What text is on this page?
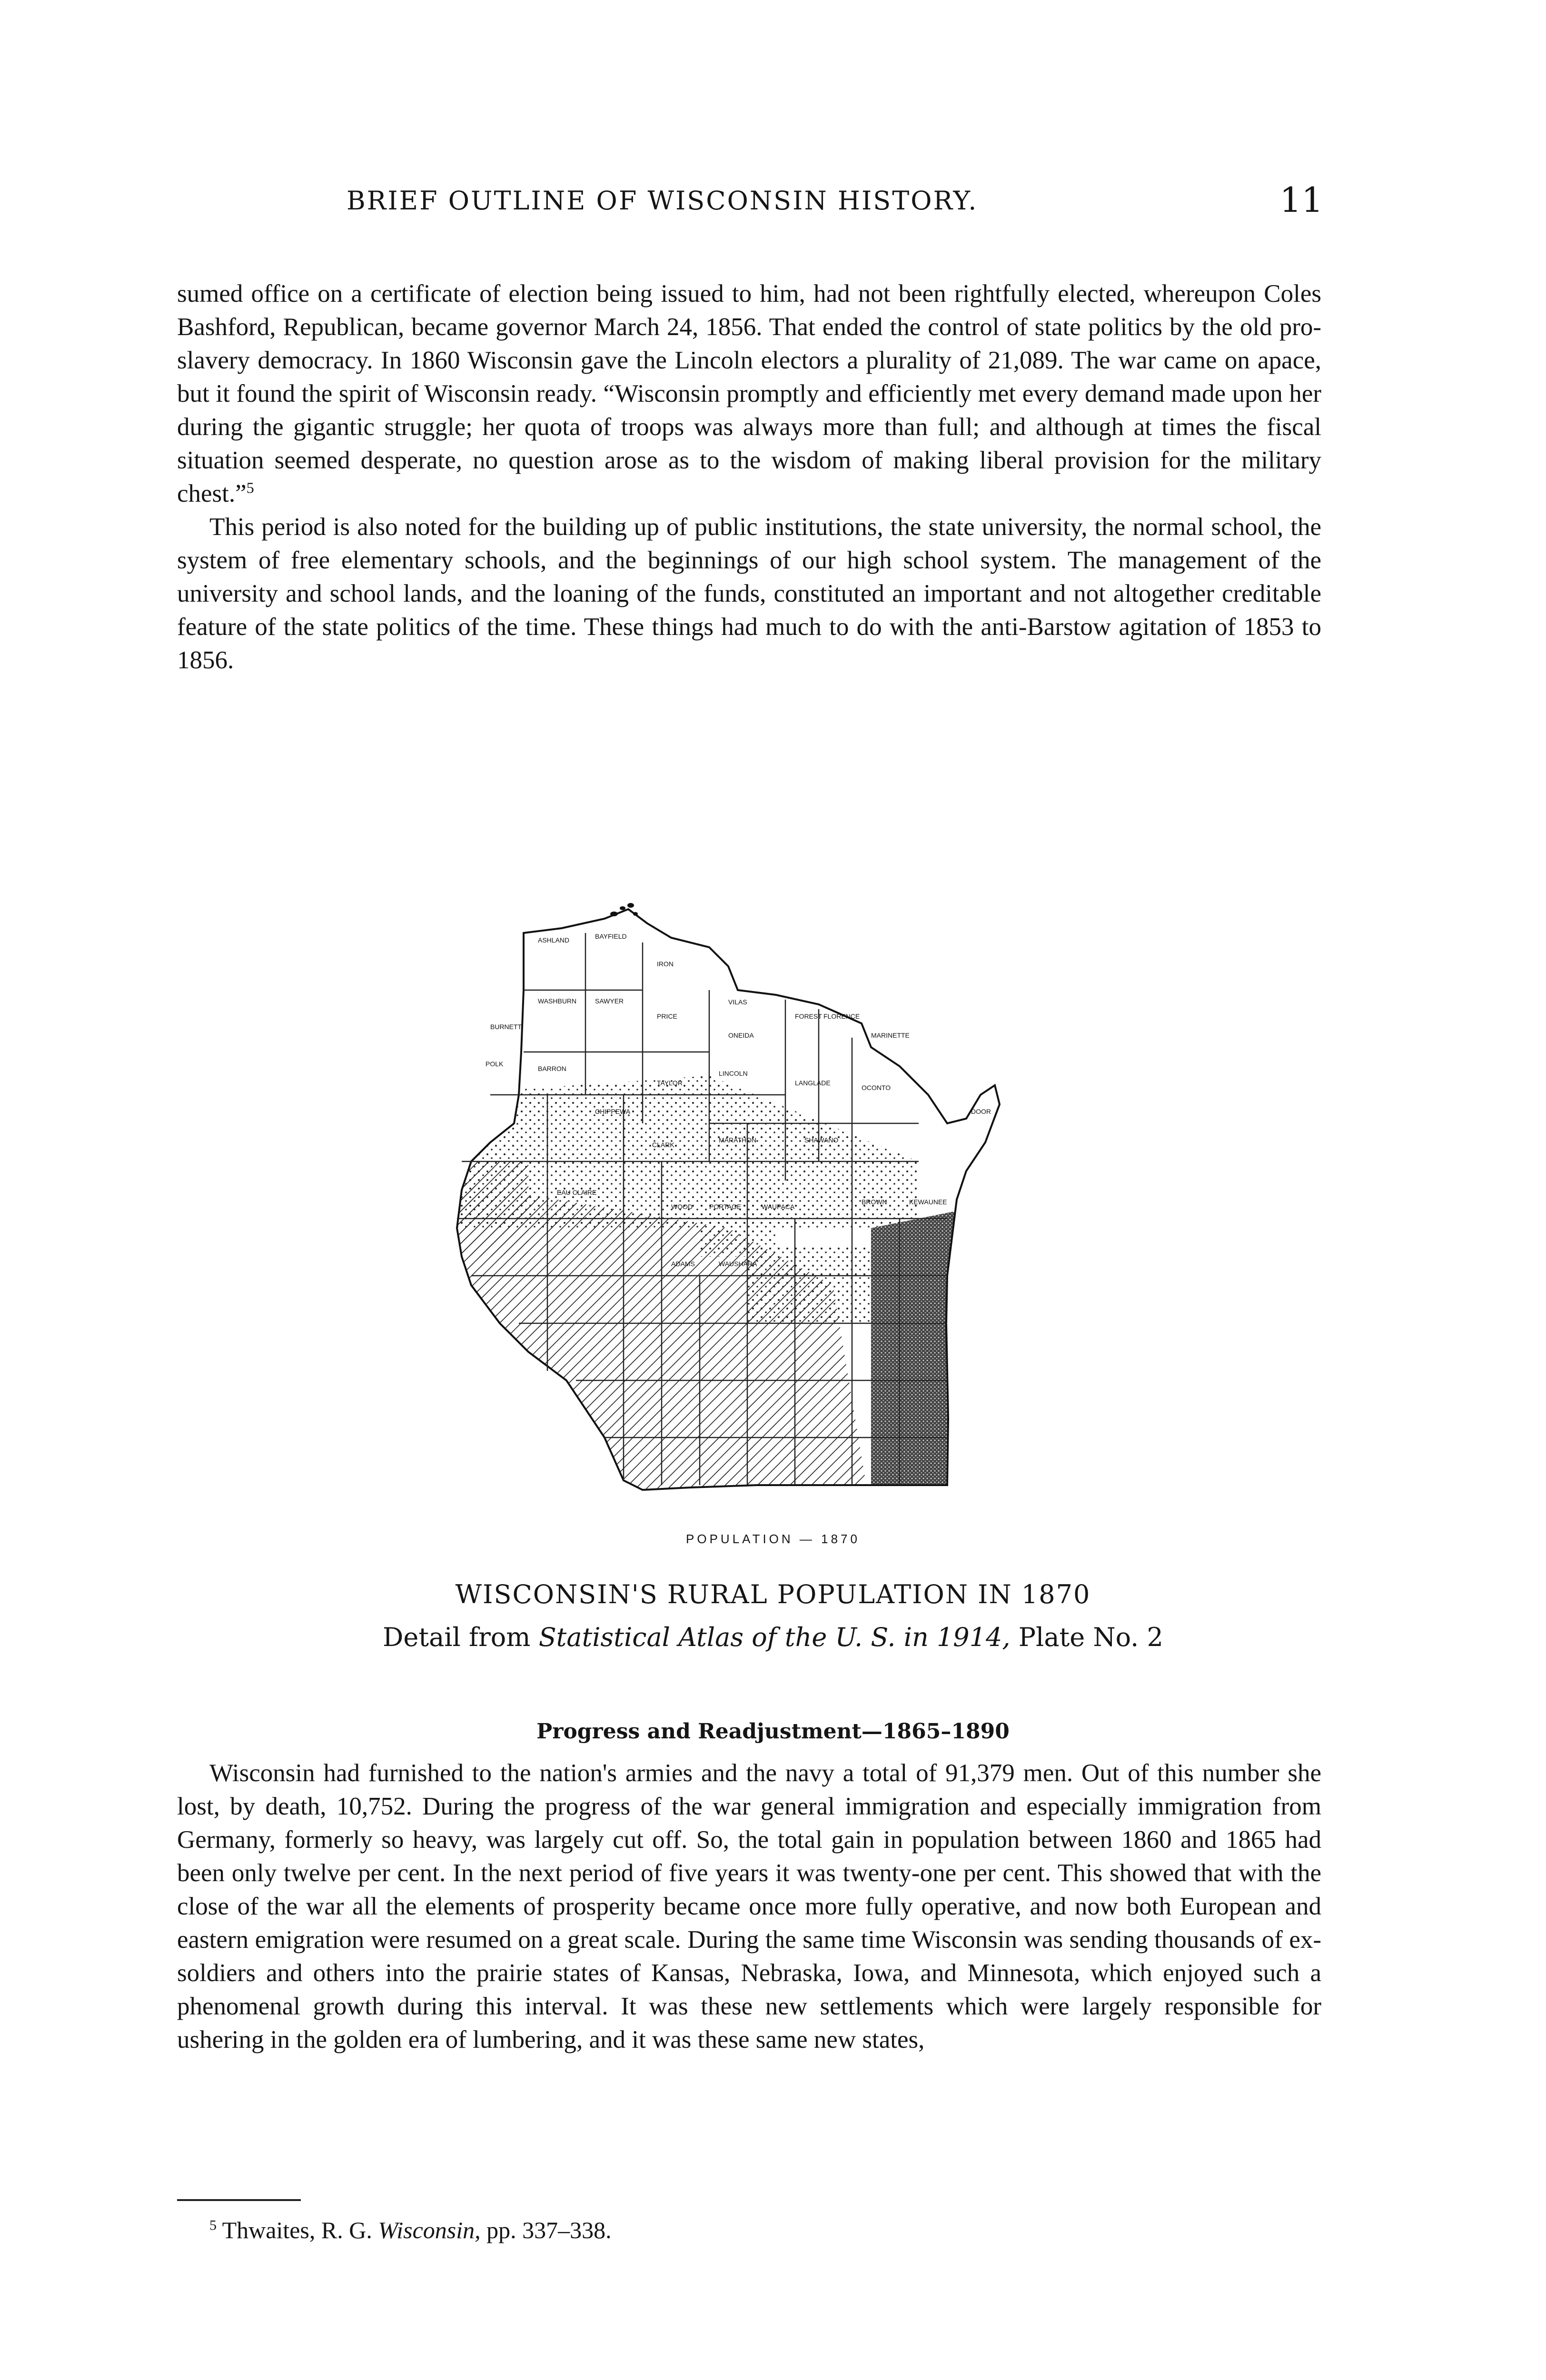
BRIEF OUTLINE OF WISCONSIN HISTORY.	11

sumed office on a certificate of election being issued to him, had not been rightfully elected, whereupon Coles Bashford, Republican, became governor March 24, 1856. That ended the control of state politics by the old pro-slavery democracy. In 1860 Wisconsin gave the Lincoln electors a plurality of 21,089. The war came on apace, but it found the spirit of Wisconsin ready. “Wisconsin promptly and efficiently met every demand made upon her during the gigantic struggle; her quota of troops was always more than full; and although at times the fiscal situation seemed desperate, no question arose as to the wisdom of making liberal provision for the military chest.”$^5$

This period is also noted for the building up of public institutions, the state university, the normal school, the system of free elementary schools, and the beginnings of our high school system. The management of the university and school lands, and the loaning of the funds, constituted an important and not altogether creditable feature of the state politics of the time. These things had much to do with the anti-Barstow agitation of 1853 to 1856.

ASHLAND	BAYFIELD
IRON
VILAS
FOREST FLORENCE
BURNETT
WASHBURN	SAWYER
PRICE
ONEIDA
POLK
BARRON
TAYLOR
LINCOLN
LANGLADE
OCONTO
MARINETTE
CHIPPEWA
CLARK
MARATHON	SHAWANO
EAU CLAIRE
WOOD PORTAGE	WAUPACA
BROWN	KEWAUNEE
ADAMS	WAUSHARA
DOOR
POPULATION — 1870
WISCONSIN'S RURAL POPULATION IN 1870
Detail from Statistical Atlas of the U. S. in 1914, Plate No. 2
Progress and Readjustment—1865–1890

Wisconsin had furnished to the nation's armies and the navy a total of 91,379 men. Out of this number she lost, by death, 10,752. During the progress of the war general immigration and especially immigration from Germany, formerly so heavy, was largely cut off. So, the total gain in population between 1860 and 1865 had been only twelve per cent. In the next period of five years it was twenty-one per cent. This showed that with the close of the war all the elements of prosperity became once more fully operative, and now both European and eastern emigration were resumed on a great scale. During the same time Wisconsin was sending thousands of ex-soldiers and others into the prairie states of Kansas, Nebraska, Iowa, and Minnesota, which enjoyed such a phenomenal growth during this interval. It was these new settlements which were largely responsible for ushering in the golden era of lumbering, and it was these same new states,

$^5$ Thwaites, R. G. Wisconsin, pp. 337–338.
